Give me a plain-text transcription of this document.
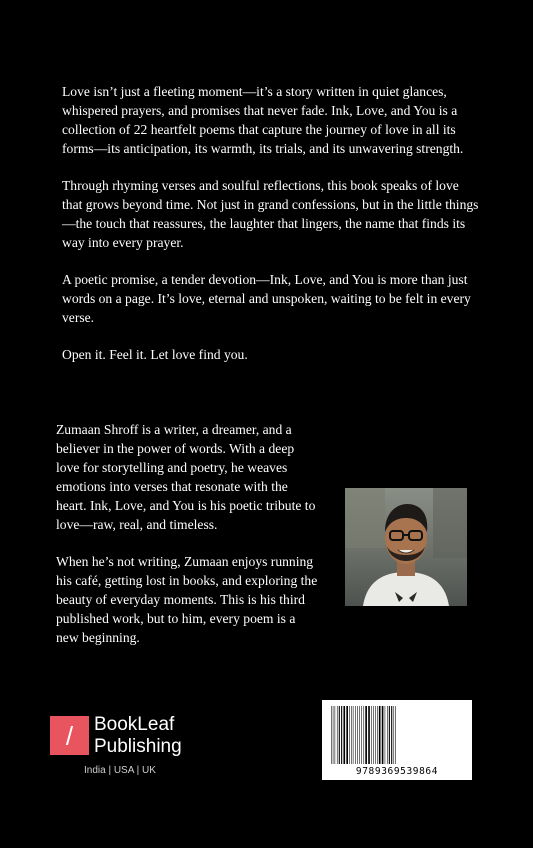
Love isn’t just a fleeting moment—it’s a story written in quiet glances, whispered prayers, and promises that never fade. Ink, Love, and You is a collection of 22 heartfelt poems that capture the journey of love in all its forms—its anticipation, its warmth, its trials, and its unwavering strength.

Through rhyming verses and soulful reflections, this book speaks of love that grows beyond time. Not just in grand confessions, but in the little things—the touch that reassures, the laughter that lingers, the name that finds its way into every prayer.

A poetic promise, a tender devotion—Ink, Love, and You is more than just words on a page. It’s love, eternal and unspoken, waiting to be felt in every verse.

Open it. Feel it. Let love find you.

Zumaan Shroff is a writer, a dreamer, and a believer in the power of words. With a deep love for storytelling and poetry, he weaves emotions into verses that resonate with the heart. Ink, Love, and You is his poetic tribute to love—raw, real, and timeless.

When he’s not writing, Zumaan enjoys running his café, getting lost in books, and exploring the beauty of everyday moments. This is his third published work, but to him, every poem is a new beginning.

/ BookLeaf
Publishing
India | USA | UK	9789369539864
